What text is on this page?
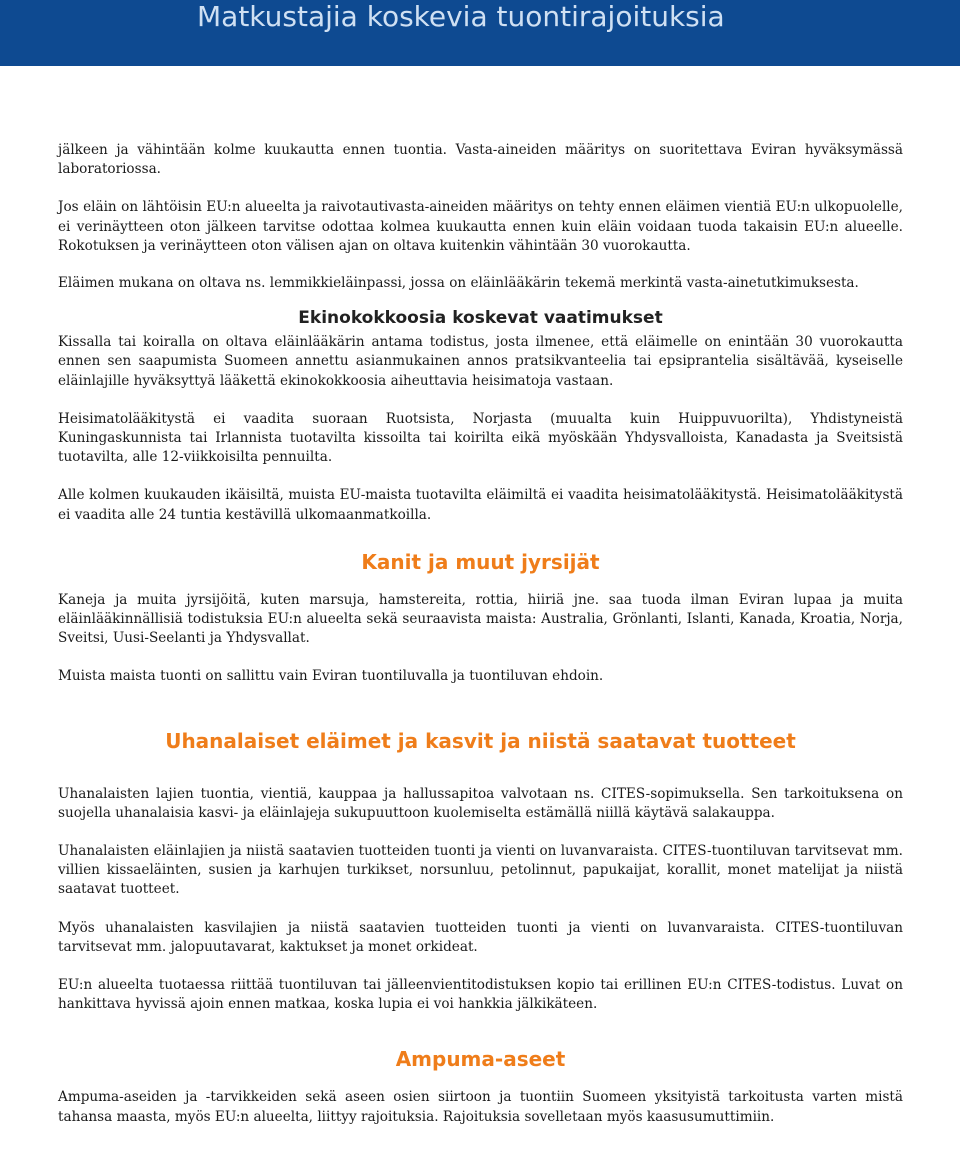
Matkustajia koskevia tuontirajoituksia

jälkeen ja vähintään kolme kuukautta ennen tuontia. Vasta-aineiden määritys on suoritettava Eviran hyväksymässä laboratoriossa.

Jos eläin on lähtöisin EU:n alueelta ja raivotautivasta-aineiden määritys on tehty ennen eläimen vientiä EU:n ulkopuolelle, ei verinäytteen oton jälkeen tarvitse odottaa kolmea kuukautta ennen kuin eläin voidaan tuoda takaisin EU:n alueelle. Rokotuksen ja verinäytteen oton välisen ajan on oltava kuitenkin vähintään 30 vuorokautta.

Eläimen mukana on oltava ns. lemmikkieläinpassi, jossa on eläinlääkärin tekemä merkintä vasta-ainetutkimuksesta.

Ekinokokkoosia koskevat vaatimukset

Kissalla tai koiralla on oltava eläinlääkärin antama todistus, josta ilmenee, että eläimelle on enintään 30 vuorokautta ennen sen saapumista Suomeen annettu asianmukainen annos pratsikvanteelia tai epsiprantelia sisältävää, kyseiselle eläinlajille hyväksyttyä lääkettä ekinokokkoosia aiheuttavia heisimatoja vastaan.

Heisimatolääkitystä ei vaadita suoraan Ruotsista, Norjasta (muualta kuin Huippuvuorilta), Yhdistyneistä Kuningaskunnista tai Irlannista tuotavilta kissoilta tai koirilta eikä myöskään Yhdysvalloista, Kanadasta ja Sveitsistä tuotavilta, alle 12-viikkoisilta pennuilta.

Alle kolmen kuukauden ikäisiltä, muista EU-maista tuotavilta eläimiltä ei vaadita heisimatolääkitystä. Heisimatolääkitystä ei vaadita alle 24 tuntia kestävillä ulkomaanmatkoilla.

Kanit ja muut jyrsijät

Kaneja ja muita jyrsijöitä, kuten marsuja, hamstereita, rottia, hiiriä jne. saa tuoda ilman Eviran lupaa ja muita eläinlääkinnällisiä todistuksia EU:n alueelta sekä seuraavista maista: Australia, Grönlanti, Islanti, Kanada, Kroatia, Norja, Sveitsi, Uusi-Seelanti ja Yhdysvallat.

Muista maista tuonti on sallittu vain Eviran tuontiluvalla ja tuontiluvan ehdoin.

Uhanalaiset eläimet ja kasvit ja niistä saatavat tuotteet

Uhanalaisten lajien tuontia, vientiä, kauppaa ja hallussapitoa valvotaan ns. CITES-sopimuksella. Sen tarkoituksena on suojella uhanalaisia kasvi- ja eläinlajeja sukupuuttoon kuolemiselta estämällä niillä käytävä salakauppa.

Uhanalaisten eläinlajien ja niistä saatavien tuotteiden tuonti ja vienti on luvanvaraista. CITES-tuontiluvan tarvitsevat mm. villien kissaeläinten, susien ja karhujen turkikset, norsunluu, petolinnut, papukaijat, korallit, monet matelijat ja niistä saatavat tuotteet.

Myös uhanalaisten kasvilajien ja niistä saatavien tuotteiden tuonti ja vienti on luvanvaraista. CITES-tuontiluvan tarvitsevat mm. jalopuutavarat, kaktukset ja monet orkideat.

EU:n alueelta tuotaessa riittää tuontiluvan tai jälleenvientitodistuksen kopio tai erillinen EU:n CITES-todistus. Luvat on hankittava hyvissä ajoin ennen matkaa, koska lupia ei voi hankkia jälkikäteen.

Ampuma-aseet

Ampuma-aseiden ja -tarvikkeiden sekä aseen osien siirtoon ja tuontiin Suomeen yksityistä tarkoitusta varten mistä tahansa maasta, myös EU:n alueelta, liittyy rajoituksia. Rajoituksia sovelletaan myös kaasusumuttimiin.
